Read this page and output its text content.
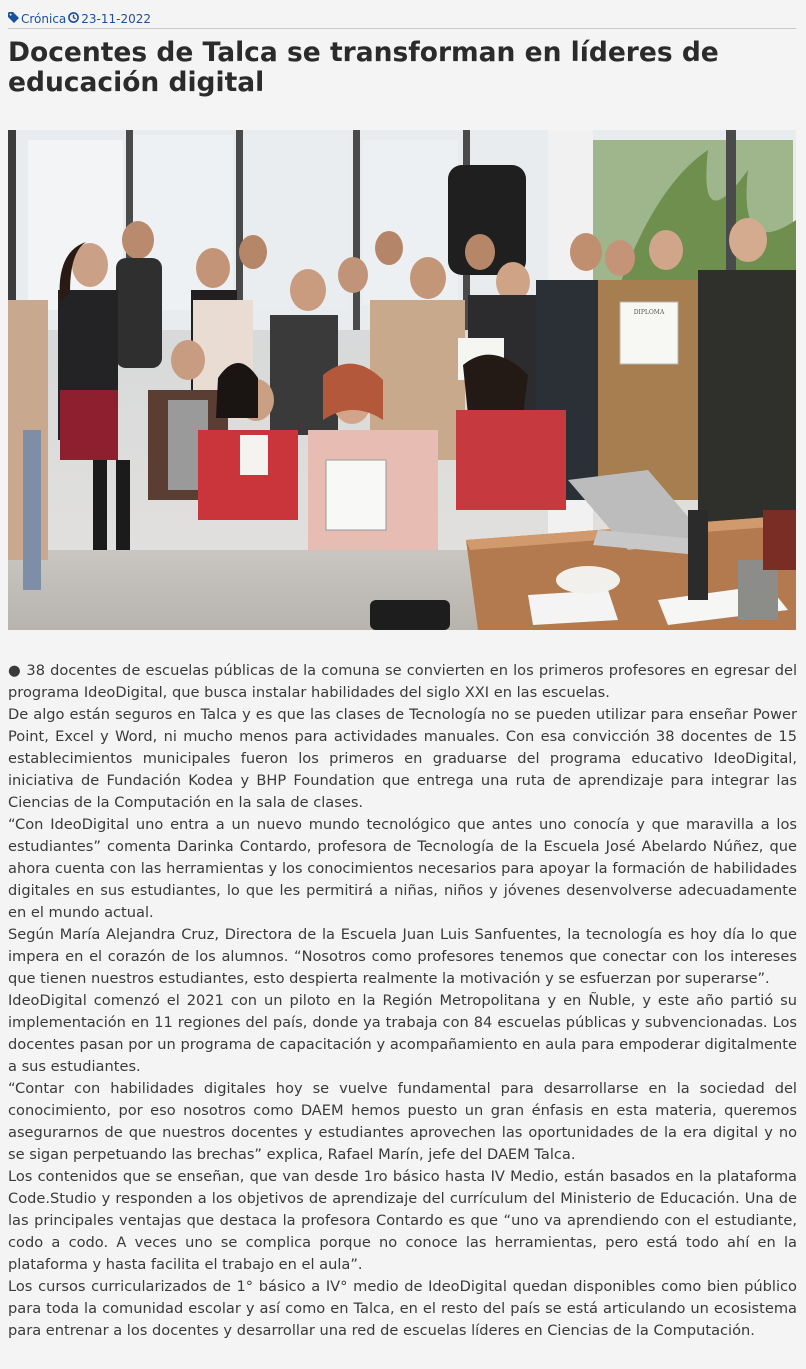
Crónica 23-11-2022
Docentes de Talca se transforman en líderes de educación digital
DIPLOMA

● 38 docentes de escuelas públicas de la comuna se convierten en los primeros profesores en egresar del programa IdeoDigital, que busca instalar habilidades del siglo XXI en las escuelas.

De algo están seguros en Talca y es que las clases de Tecnología no se pueden utilizar para enseñar Power Point, Excel y Word, ni mucho menos para actividades manuales. Con esa convicción 38 docentes de 15 establecimientos municipales fueron los primeros en graduarse del programa educativo IdeoDigital, iniciativa de Fundación Kodea y BHP Foundation que entrega una ruta de aprendizaje para integrar las Ciencias de la Computación en la sala de clases.

“Con IdeoDigital uno entra a un nuevo mundo tecnológico que antes uno conocía y que maravilla a los estudiantes” comenta Darinka Contardo, profesora de Tecnología de la Escuela José Abelardo Núñez, que ahora cuenta con las herramientas y los conocimientos necesarios para apoyar la formación de habilidades digitales en sus estudiantes, lo que les permitirá a niñas, niños y jóvenes desenvolverse adecuadamente en el mundo actual.

Según María Alejandra Cruz, Directora de la Escuela Juan Luis Sanfuentes, la tecnología es hoy día lo que impera en el corazón de los alumnos. “Nosotros como profesores tenemos que conectar con los intereses que tienen nuestros estudiantes, esto despierta realmente la motivación y se esfuerzan por superarse”.

IdeoDigital comenzó el 2021 con un piloto en la Región Metropolitana y en Ñuble, y este año partió su implementación en 11 regiones del país, donde ya trabaja con 84 escuelas públicas y subvencionadas. Los docentes pasan por un programa de capacitación y acompañamiento en aula para empoderar digitalmente a sus estudiantes.

“Contar con habilidades digitales hoy se vuelve fundamental para desarrollarse en la sociedad del conocimiento, por eso nosotros como DAEM hemos puesto un gran énfasis en esta materia, queremos asegurarnos de que nuestros docentes y estudiantes aprovechen las oportunidades de la era digital y no se sigan perpetuando las brechas” explica, Rafael Marín, jefe del DAEM Talca.

Los contenidos que se enseñan, que van desde 1ro básico hasta IV Medio, están basados en la plataforma Code.Studio y responden a los objetivos de aprendizaje del currículum del Ministerio de Educación. Una de las principales ventajas que destaca la profesora Contardo es que “uno va aprendiendo con el estudiante, codo a codo. A veces uno se complica porque no conoce las herramientas, pero está todo ahí en la plataforma y hasta facilita el trabajo en el aula”.

Los cursos curricularizados de 1° básico a IV° medio de IdeoDigital quedan disponibles como bien público para toda la comunidad escolar y así como en Talca, en el resto del país se está articulando un ecosistema para entrenar a los docentes y desarrollar una red de escuelas líderes en Ciencias de la Computación.
